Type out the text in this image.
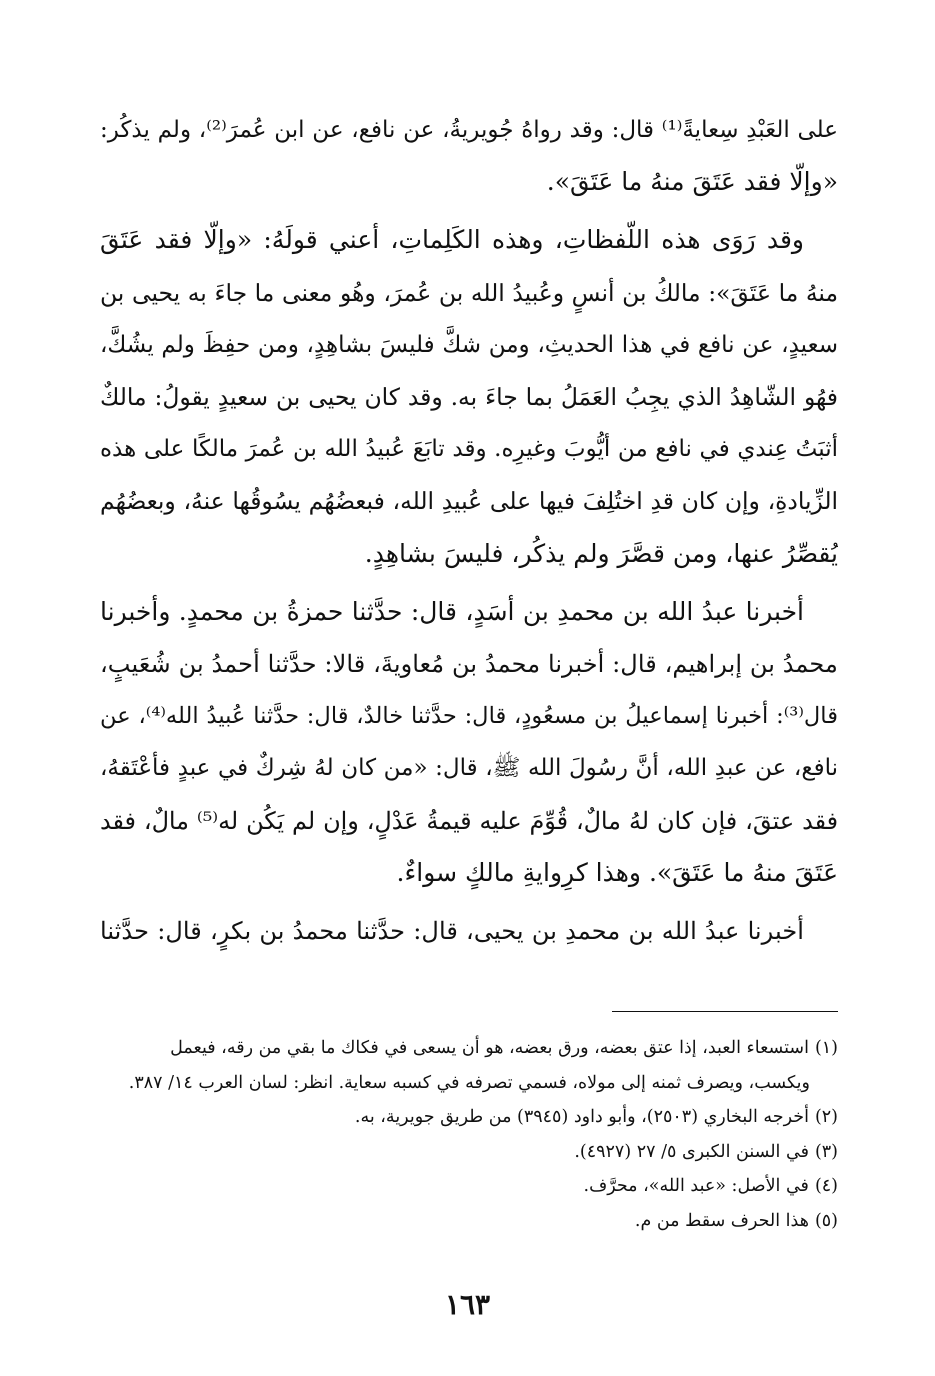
على العَبْدِ سِعايةً⁽¹⁾ قال: وقد رواهُ جُويريةُ، عن نافع، عن ابن عُمرَ⁽²⁾، ولم يذكُر:
«وإلّا فقد عَتَقَ منهُ ما عَتَقَ».

وقد رَوَى هذه اللّفظاتِ، وهذه الكَلِماتِ، أعني قولَهُ: «وإلّا فقد عَتَقَ
منهُ ما عَتَقَ»: مالكُ بن أنسٍ وعُبيدُ الله بن عُمرَ، وهُو معنى ما جاءَ به يحيى بن
سعيدٍ، عن نافع في هذا الحديثِ، ومن شكَّ فليسَ بشاهِدٍ، ومن حفِظَ ولم يشُكَّ،
فهُو الشّاهِدُ الذي يجِبُ العَمَلُ بما جاءَ به. وقد كان يحيى بن سعيدٍ يقولُ: مالكٌ
أثبَتُ عِندي في نافع من أيُّوبَ وغيرِه. وقد تابَعَ عُبيدُ الله بن عُمرَ مالكًا على هذه
الزِّيادةِ، وإن كان قدِ اختُلِفَ فيها على عُبيدِ الله، فبعضُهُم يسُوقُها عنهُ، وبعضُهُم
يُقصِّرُ عنها، ومن قصَّرَ ولم يذكُر، فليسَ بشاهِدٍ.

أخبرنا عبدُ الله بن محمدِ بن أسَدٍ، قال: حدَّثنا حمزةُ بن محمدٍ. وأخبرنا
محمدُ بن إبراهيم، قال: أخبرنا محمدُ بن مُعاويةَ، قالا: حدَّثنا أحمدُ بن شُعَيبٍ،
قال⁽³⁾: أخبرنا إسماعيلُ بن مسعُودٍ، قال: حدَّثنا خالدٌ، قال: حدَّثنا عُبيدُ الله⁽⁴⁾، عن
نافع، عن عبدِ الله، أنَّ رسُولَ الله ﷺ، قال: «من كان لهُ شِركٌ في عبدٍ فأعْتَقهُ،
فقد عتقَ، فإن كان لهُ مالٌ، قُوِّمَ عليه قيمةُ عَدْلٍ، وإن لم يَكُن له⁽⁵⁾ مالٌ، فقد
عَتَقَ منهُ ما عَتَقَ». وهذا كرِوايةِ مالكٍ سواءٌ.

أخبرنا عبدُ الله بن محمدِ بن يحيى، قال: حدَّثنا محمدُ بن بكرٍ، قال: حدَّثنا

(١)استسعاء العبد، إذا عتق بعضه، ورق بعضه، هو أن يسعى في فكاك ما بقي من رقه، فيعمل
ويكسب، ويصرف ثمنه إلى مولاه، فسمي تصرفه في كسبه سعاية. انظر: لسان العرب ١٤/ ٣٨٧.
(٢)أخرجه البخاري (٢٥٠٣)، وأبو داود (٣٩٤٥) من طريق جويرية، به.
(٣)في السنن الكبرى ٥/ ٢٧ (٤٩٢٧).
(٤)في الأصل: «عبد الله»، محرَّف.
(٥)هذا الحرف سقط من م.
١٦٣
